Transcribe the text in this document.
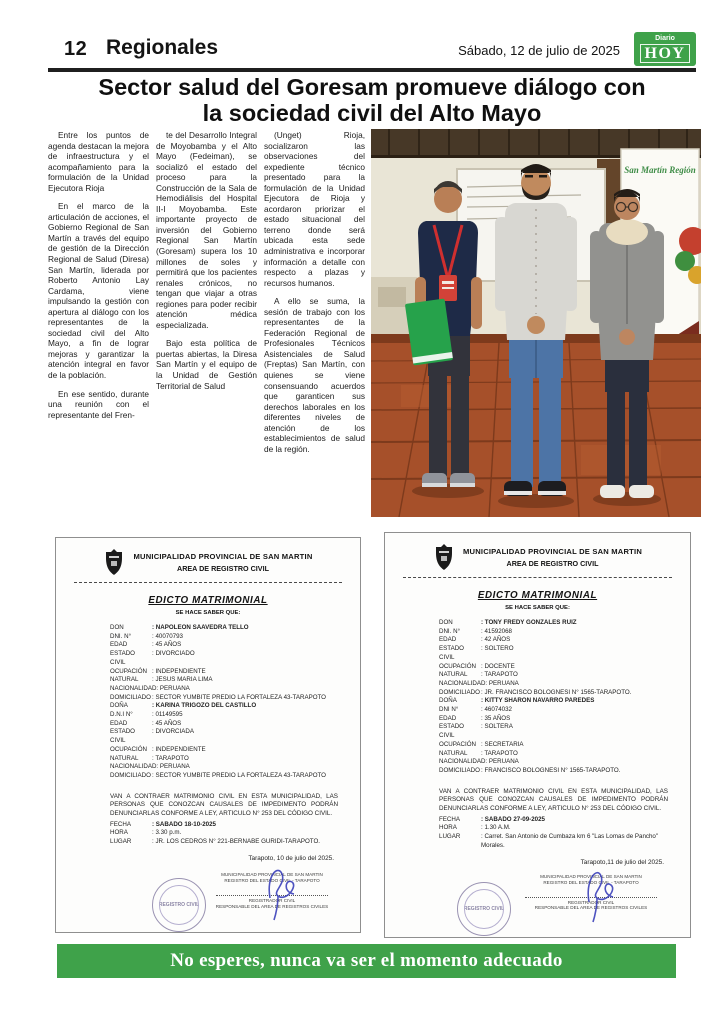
12 Regionales	Sábado, 12 de julio de 2025
Diario
HOY
Sector salud del Goresam promueve diálogo con
la sociedad civil del Alto Mayo

Entre los puntos de agenda destacan la mejora de infraestructura y el acompañamiento para la formulación de la Unidad Ejecutora Rioja

En el marco de la articulación de acciones, el Gobierno Regional de San Martín a través del equipo de gestión de la Dirección Regional de Salud (Diresa) San Martín, liderada por Roberto Antonio Lay Cardama, viene impulsando la gestión con apertura al diálogo con los representantes de la sociedad civil del Alto Mayo, a fin de lograr mejoras y garantizar la atención integral en favor de la población.

En ese sentido, durante una reunión con el representante del Fren-

te del Desarrollo Integral de Moyobamba y el Alto Mayo (Fedeiman), se socializó el estado del proceso para la Construcción de la Sala de Hemodiálisis del Hospital II-I Moyobamba. Este importante proyecto de inversión del Gobierno Regional San Martín (Goresam) supera los 10 millones de soles y permitirá que los pacientes renales crónicos, no tengan que viajar a otras regiones para poder recibir atención médica especializada.

Bajo esta política de puertas abiertas, la Diresa San Martín y el equipo de la Unidad de Gestión Territorial de Salud

(Unget) Rioja, socializaron las observaciones del expediente técnico presentado para la formulación de la Unidad Ejecutora de Rioja y acordaron priorizar el estado situacional del terreno donde será ubicada esta sede administrativa e incorporar información a detalle con respecto a plazas y recursos humanos.

A ello se suma, la sesión de trabajo con los representantes de la Federación Regional de Profesionales Técnicos Asistenciales de Salud (Freptas) San Martín, con quienes se viene consensuando acuerdos que garanticen sus derechos laborales en los diferentes niveles de atención de los establecimientos de salud de la región.

San Martín Región
MUNICIPALIDAD PROVINCIAL DE SAN MARTIN
AREA DE REGISTRO CIVIL
EDICTO MATRIMONIAL
SE HACE SABER QUE:
DON	: NAPOLEON SAAVEDRA TELLO
DNI. N°	: 40070793
EDAD	: 45 AÑOS
ESTADO CIVIL
: DIVORCIADO
OCUPACIÓN	: INDEPENDIENTE
NATURAL	: JESUS MARIA LIMA
NACIONALIDAD : PERUANA
DOMICILIADO : SECTOR YUMBITE PREDIO LA FORTALEZA 43-TARAPOTO
DOÑA	: KARINA TRIGOZO DEL CASTILLO
D.N.I N°	: 01149595
EDAD	: 45 AÑOS
ESTADO CIVIL
: DIVORCIADA
OCUPACIÓN	: INDEPENDIENTE
NATURAL	: TARAPOTO
NACIONALIDAD : PERUANA
DOMICILIADO : SECTOR YUMBITE PREDIO LA FORTALEZA 43-TARAPOTO

VAN A CONTRAER MATRIMONIO CIVIL EN ESTA MUNICIPALIDAD, LAS PERSONAS QUE CONOZCAN CAUSALES DE IMPEDIMENTO PODRÁN DENUNCIARLAS CONFORME A LEY, ARTICULO N° 253 DEL CÓDIGO CIVIL.

FECHA	: SABADO 18-10-2025
HORA	: 3.30 p.m.
LUGAR	: JR. LOS CEDROS N° 221-BERNABE GURIDI-TARAPOTO.
Tarapoto, 10 de julio del 2025.
REGISTRO CIVIL
MUNICIPALIDAD PROVINCIAL DE SAN MARTIN
REGISTRO DEL ESTADO CIVIL - TARAPOTO
REGISTRADOR CIVIL
RESPONSABLE DEL AREA DE REGISTROS CIVILES
MUNICIPALIDAD PROVINCIAL DE SAN MARTIN
AREA DE REGISTRO CIVIL
EDICTO MATRIMONIAL
SE HACE SABER QUE:
DON	: TONY FREDY GONZALES RUIZ
DNI. N°	: 41592068
EDAD	: 42 AÑOS
ESTADO CIVIL
: SOLTERO
OCUPACIÓN	: DOCENTE
NATURAL	: TARAPOTO
NACIONALIDAD : PERUANA
DOMICILIADO : JR. FRANCISCO BOLOGNESI N° 1565-TARAPOTO.
DOÑA	: KITTY SHARON NAVARRO PAREDES
DNI N°	: 46074032
EDAD	: 35 AÑOS
ESTADO CIVIL
: SOLTERA
OCUPACIÓN	: SECRETARIA
NATURAL	: TARAPOTO
NACIONALIDAD : PERUANA
DOMICILIADO : FRANCISCO BOLOGNESI N° 1565-TARAPOTO.

VAN A CONTRAER MATRIMONIO CIVIL EN ESTA MUNICIPALIDAD, LAS PERSONAS QUE CONOZCAN CAUSALES DE IMPEDIMENTO PODRÁN DENUNCIARLAS CONFORME A LEY, ARTICULO N° 253 DEL CÓDIGO CIVIL.

FECHA	: SABADO 27-09-2025
HORA	: 1.30 A.M.
LUGAR	: Carret. San Antonio de Cumbaza km 6 "Las Lomas de Pancho" Morales.
Tarapoto,11 de julio del 2025.
REGISTRO CIVIL
MUNICIPALIDAD PROVINCIAL DE SAN MARTIN
REGISTRO DEL ESTADO CIVIL - TARAPOTO
REGISTRADOR CIVIL
RESPONSABLE DEL AREA DE REGISTROS CIVILES
No esperes, nunca va ser el momento adecuado
